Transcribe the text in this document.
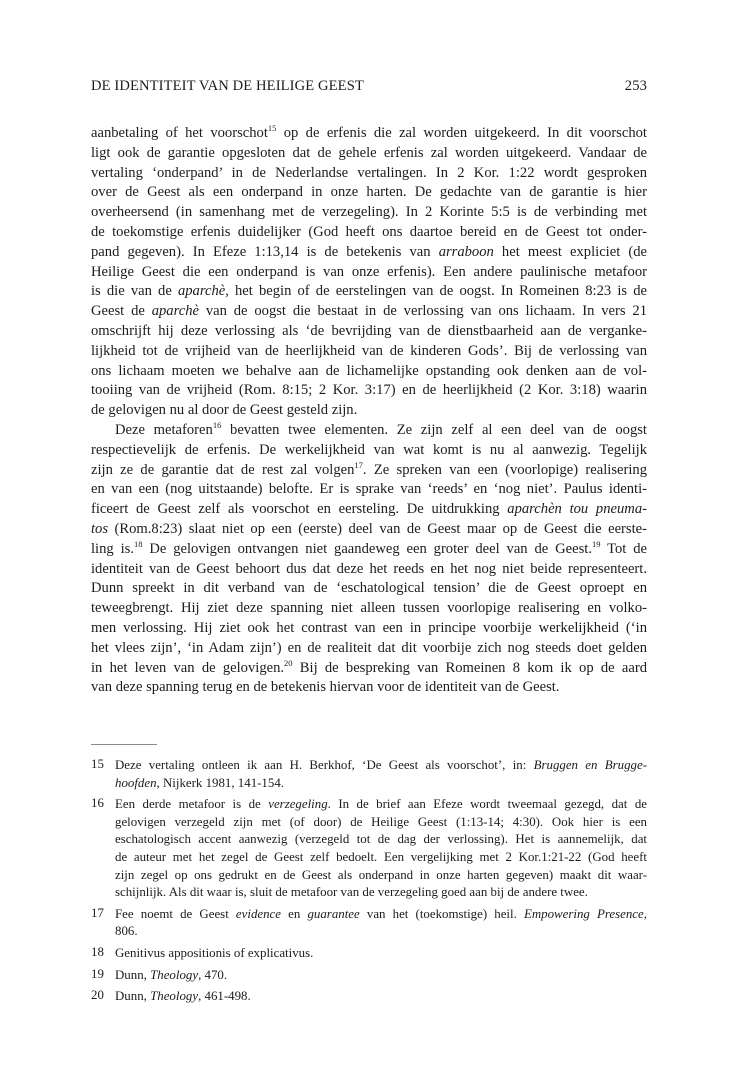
DE IDENTITEIT VAN DE HEILIGE GEEST	253
aanbetaling of het voorschot$^{15}$ op de erfenis die zal worden uitgekeerd. In dit voorschot
ligt ook de garantie opgesloten dat de gehele erfenis zal worden uitgekeerd. Vandaar de
vertaling ‘onderpand’ in de Nederlandse vertalingen. In 2 Kor. 1:22 wordt gesproken
over de Geest als een onderpand in onze harten. De gedachte van de garantie is hier
overheersend (in samenhang met de verzegeling). In 2 Korinte 5:5 is de verbinding met
de toekomstige erfenis duidelijker (God heeft ons daartoe bereid en de Geest tot onder-
pand gegeven). In Efeze 1:13,14 is de betekenis van arraboon het meest expliciet (de
Heilige Geest die een onderpand is van onze erfenis). Een andere paulinische metafoor
is die van de aparchè, het begin of de eerstelingen van de oogst. In Romeinen 8:23 is de
Geest de aparchè van de oogst die bestaat in de verlossing van ons lichaam. In vers 21
omschrijft hij deze verlossing als ‘de bevrijding van de dienstbaarheid aan de verganke-
lijkheid tot de vrijheid van de heerlijkheid van de kinderen Gods’. Bij de verlossing van
ons lichaam moeten we behalve aan de lichamelijke opstanding ook denken aan de vol-
tooiing van de vrijheid (Rom. 8:15; 2 Kor. 3:17) en de heerlijkheid (2 Kor. 3:18) waarin
de gelovigen nu al door de Geest gesteld zijn.
Deze metaforen$^{16}$ bevatten twee elementen. Ze zijn zelf al een deel van de oogst
respectievelijk de erfenis. De werkelijkheid van wat komt is nu al aanwezig. Tegelijk
zijn ze de garantie dat de rest zal volgen$^{17}$. Ze spreken van een (voorlopige) realisering
en van een (nog uitstaande) belofte. Er is sprake van ‘reeds’ en ‘nog niet’. Paulus identi-
ficeert de Geest zelf als voorschot en eersteling. De uitdrukking aparchèn tou pneuma-
tos (Rom.8:23) slaat niet op een (eerste) deel van de Geest maar op de Geest die eerste-
ling is.$^{18}$ De gelovigen ontvangen niet gaandeweg een groter deel van de Geest.$^{19}$ Tot de
identiteit van de Geest behoort dus dat deze het reeds en het nog niet beide representeert.
Dunn spreekt in dit verband van de ‘eschatological tension’ die de Geest oproept en
teweegbrengt. Hij ziet deze spanning niet alleen tussen voorlopige realisering en volko-
men verlossing. Hij ziet ook het contrast van een in principe voorbije werkelijkheid (‘in
het vlees zijn’, ‘in Adam zijn’) en de realiteit dat dit voorbije zich nog steeds doet gelden
in het leven van de gelovigen.$^{20}$ Bij de bespreking van Romeinen 8 kom ik op de aard
van deze spanning terug en de betekenis hiervan voor de identiteit van de Geest.
15 Deze vertaling ontleen ik aan H. Berkhof, ‘De Geest als voorschot’, in: Bruggen en Brugge-
hoofden, Nijkerk 1981, 141-154.
16 Een derde metafoor is de verzegeling. In de brief aan Efeze wordt tweemaal gezegd, dat de
gelovigen verzegeld zijn met (of door) de Heilige Geest (1:13-14; 4:30). Ook hier is een
eschatologisch accent aanwezig (verzegeld tot de dag der verlossing). Het is aannemelijk, dat
de auteur met het zegel de Geest zelf bedoelt. Een vergelijking met 2 Kor.1:21-22 (God heeft
zijn zegel op ons gedrukt en de Geest als onderpand in onze harten gegeven) maakt dit waar-
schijnlijk. Als dit waar is, sluit de metafoor van de verzegeling goed aan bij de andere twee.
17 Fee noemt de Geest evidence en guarantee van het (toekomstige) heil. Empowering Presence,
806.
18 Genitivus appositionis of explicativus.
19 Dunn, Theology, 470.
20 Dunn, Theology, 461-498.
